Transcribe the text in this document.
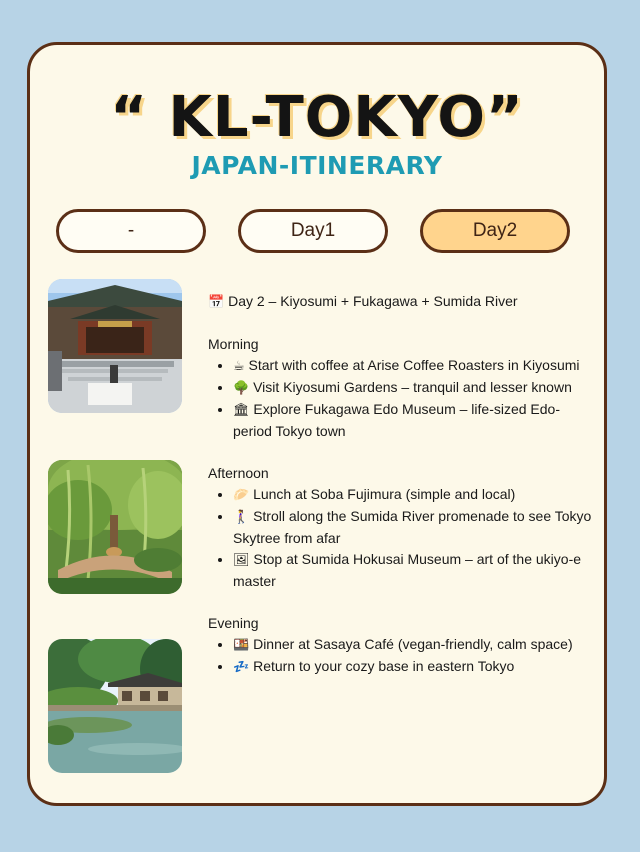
“ KL-TOKYO”
JAPAN-ITINERARY
-	Day1	Day2

📅 Day 2 – Kiyosumi + Fukagawa + Sumida River

Morning

• ☕ Start with coffee at Arise Coffee Roasters in Kiyosumi
• 🌳 Visit Kiyosumi Gardens – tranquil and lesser known
• 🏛 Explore Fukagawa Edo Museum – life-sized Edo-period Tokyo town

Afternoon

• 🥟 Lunch at Soba Fujimura (simple and local)
• 🚶‍♀️ Stroll along the Sumida River promenade to see Tokyo Skytree from afar
• 🖼 Stop at Sumida Hokusai Museum – art of the ukiyo-e master

Evening

• 🍱 Dinner at Sasaya Café (vegan-friendly, calm space)
• 💤 Return to your cozy base in eastern Tokyo
